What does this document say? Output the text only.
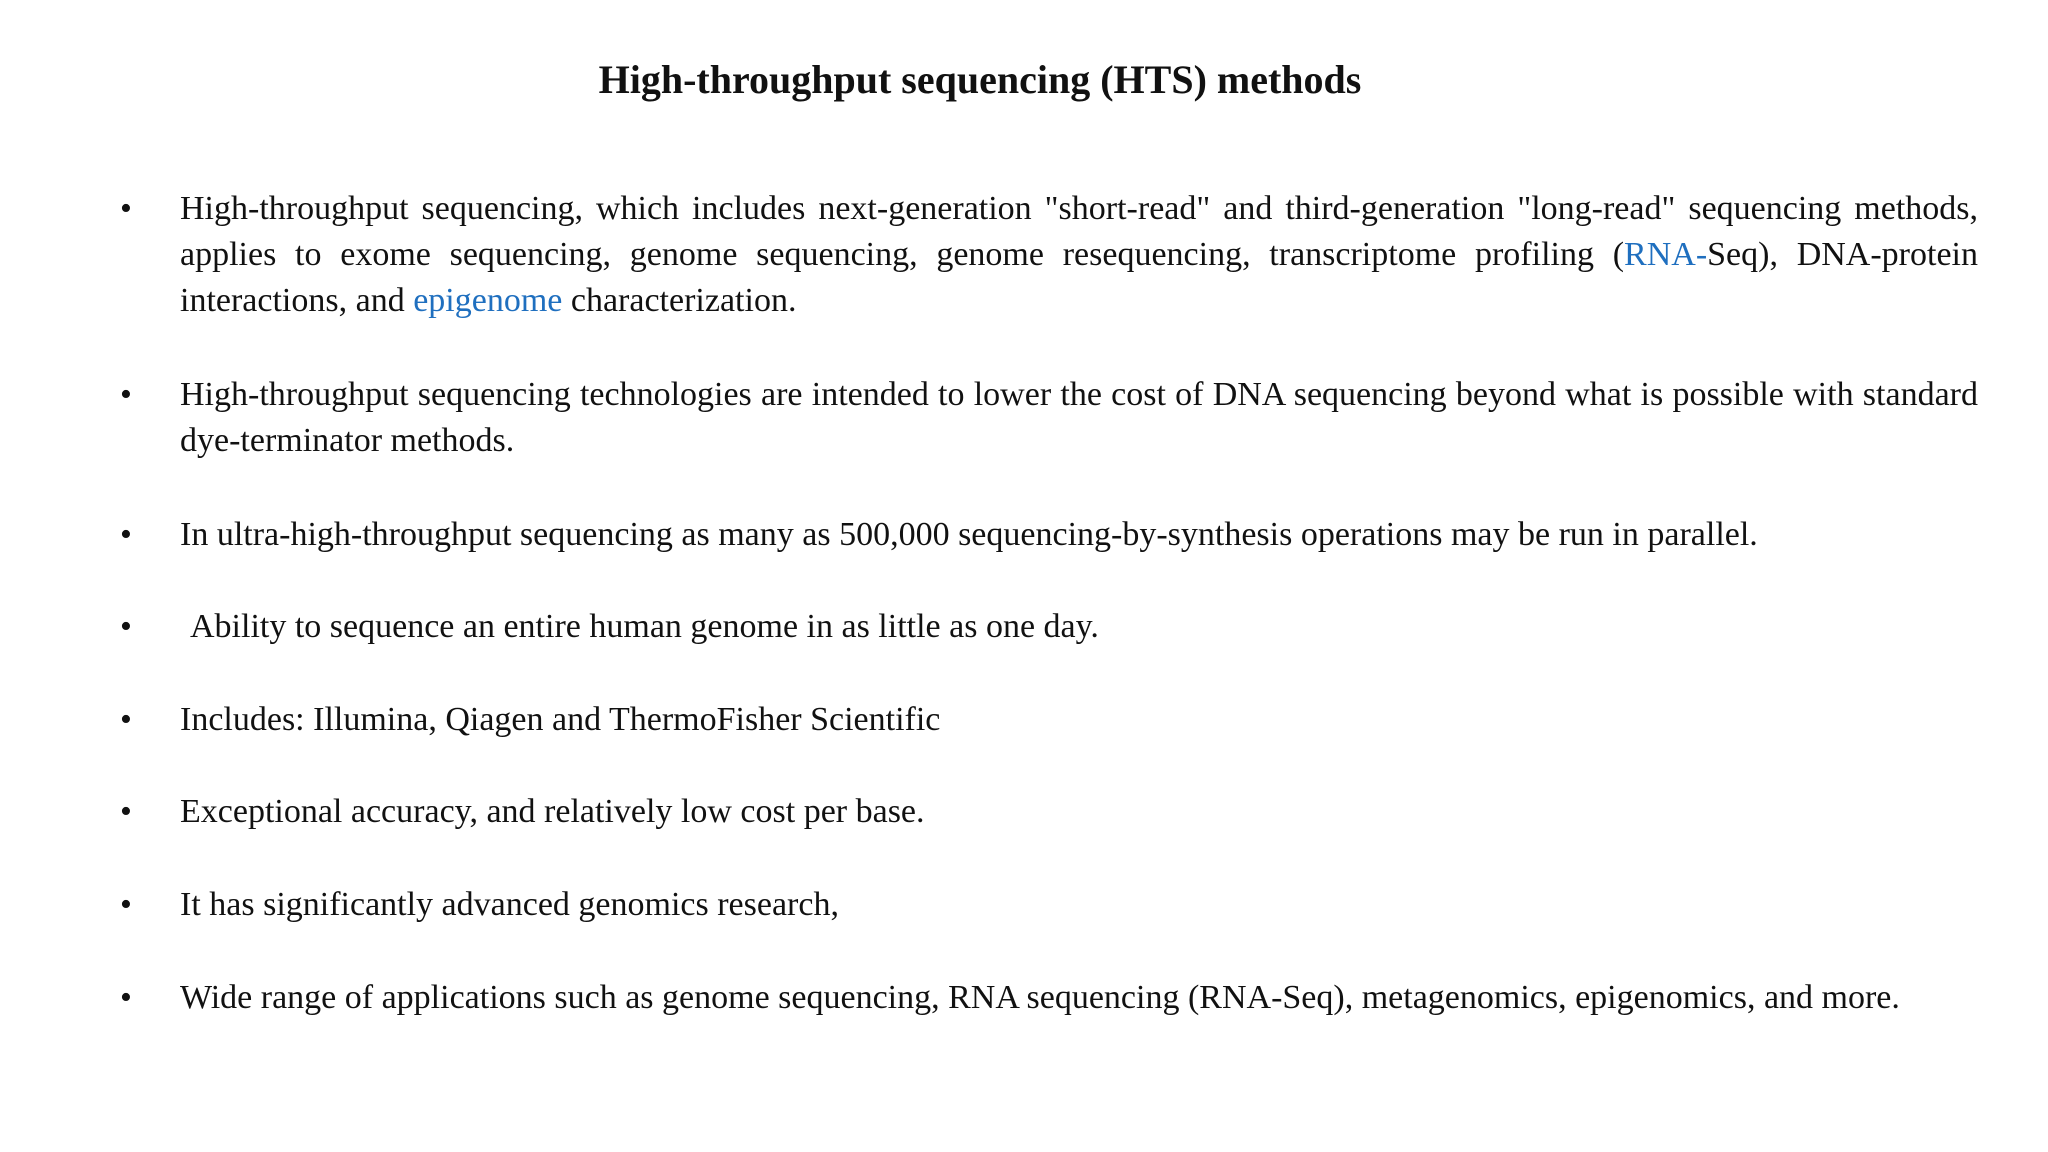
High-throughput sequencing (HTS) methods
•	High-throughput sequencing, which includes next-generation "short-read" and third-generation "long-read" sequencing methods, applies to exome sequencing, genome sequencing, genome resequencing, transcriptome profiling (RNA-Seq), DNA-protein interactions, and epigenome characterization.
•	High-throughput sequencing technologies are intended to lower the cost of DNA sequencing beyond what is possible with standard dye-terminator methods.
•	In ultra-high-throughput sequencing as many as 500,000 sequencing-by-synthesis operations may be run in parallel.
•	Ability to sequence an entire human genome in as little as one day.
•	Includes: Illumina, Qiagen and ThermoFisher Scientific
•	Exceptional accuracy, and relatively low cost per base.
•	It has significantly advanced genomics research,
•	Wide range of applications such as genome sequencing, RNA sequencing (RNA-Seq), metagenomics, epigenomics, and more.
